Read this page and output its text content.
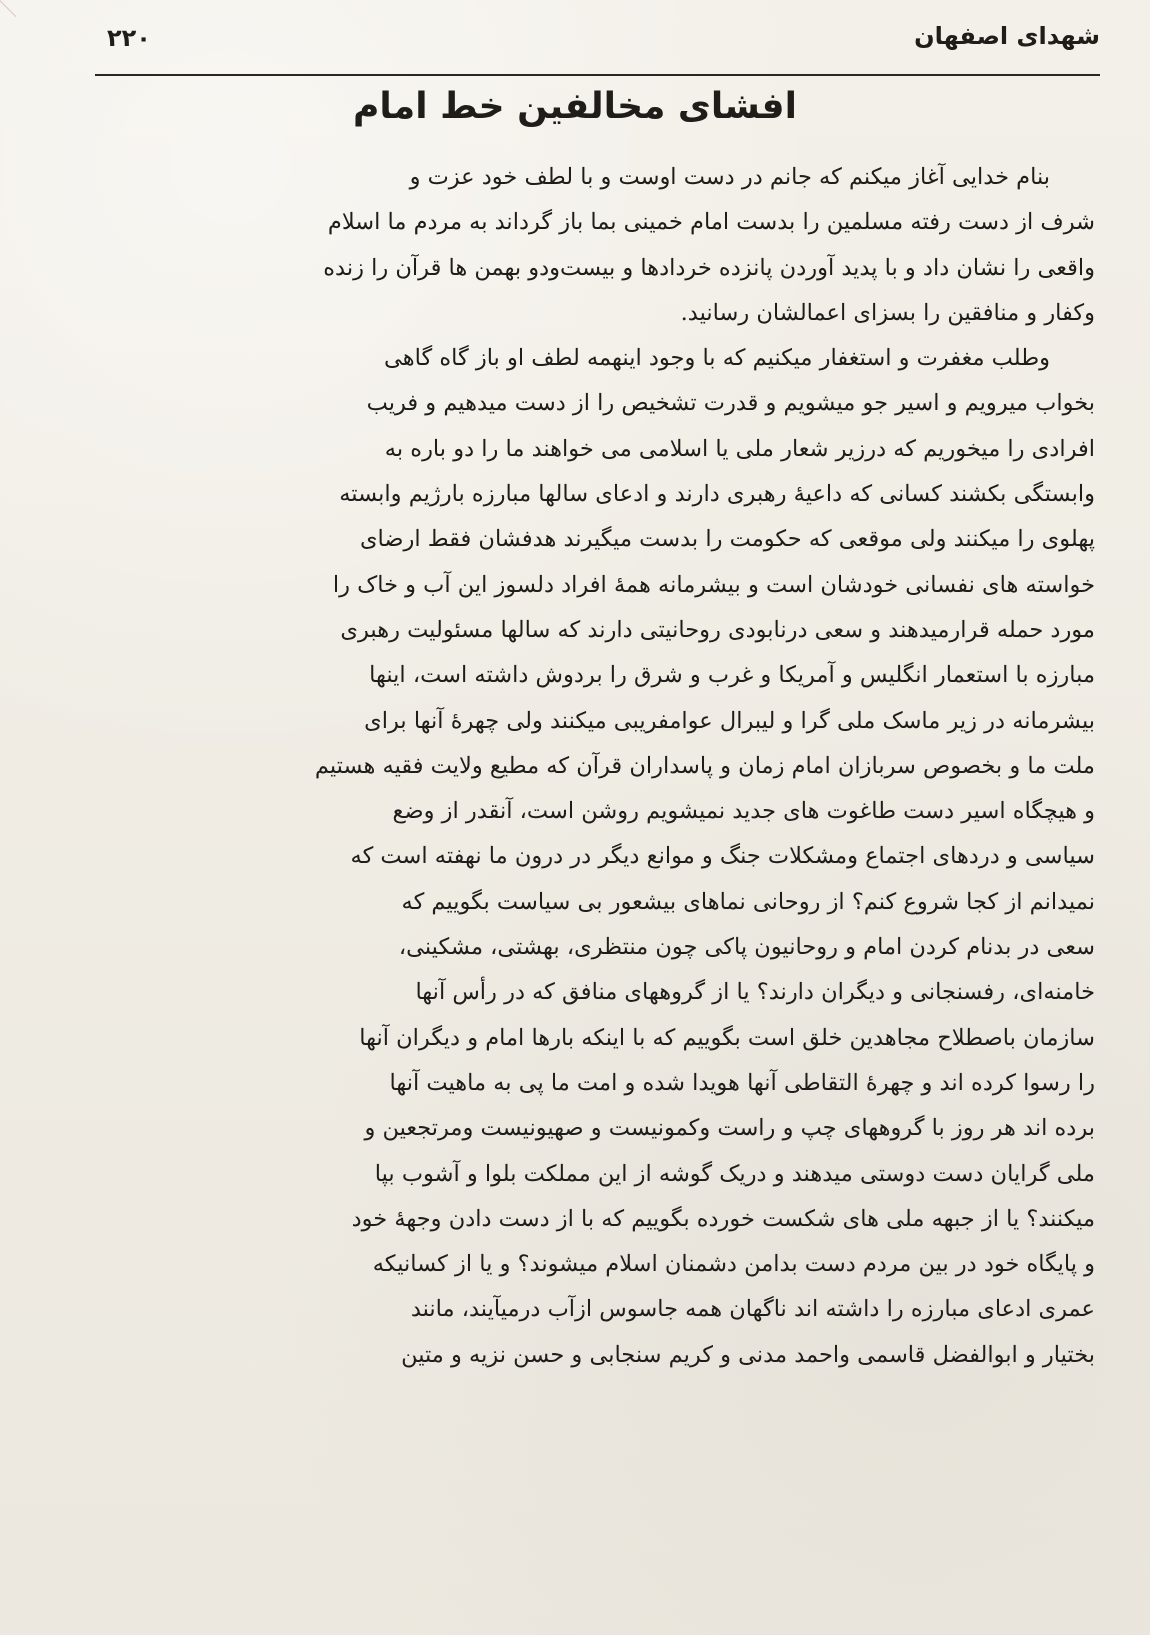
شهدای اصفهان
۲۲۰
افشای مخالفین خط امام
بنام خدایی آغاز میکنم که جانم در دست اوست و با لطف خود عزت و
شرف از دست رفته مسلمین را بدست امام خمینی بما باز گرداند به مردم ما اسلام
واقعی را نشان داد و با پدید آوردن پانزده خردادها و بیست‌ودو بهمن ها قرآن را زنده
وکفار و منافقین را بسزای اعمالشان رسانید.
وطلب مغفرت و استغفار میکنیم که با وجود اینهمه لطف او باز گاه گاهی
بخواب میرویم و اسیر جو میشویم و قدرت تشخیص را از دست میدهیم و فریب
افرادی را میخوریم که درزیر شعار ملی یا اسلامی می خواهند ما را دو باره به
وابستگی بکشند کسانی که داعیۀ رهبری دارند و ادعای سالها مبارزه بارژیم وابسته
پهلوی را میکنند ولی موقعی که حکومت را بدست میگیرند هدفشان فقط ارضای
خواسته های نفسانی خودشان است و بیشرمانه همۀ افراد دلسوز این آب و خاک را
مورد حمله قرارمیدهند و سعی درنابودی روحانیتی دارند که سالها مسئولیت رهبری
مبارزه با استعمار انگلیس و آمریکا و غرب و شرق را بردوش داشته است، اینها
بیشرمانه در زیر ماسک ملی گرا و لیبرال عوامفریبی میکنند ولی چهرۀ آنها برای
ملت ما و بخصوص سربازان امام زمان و پاسداران قرآن که مطیع ولایت فقیه هستیم
و هیچگاه اسیر دست طاغوت های جدید نمیشویم روشن است، آنقدر از وضع
سیاسی و دردهای اجتماع ومشکلات جنگ و موانع دیگر در درون ما نهفته است که
نمیدانم از کجا شروع کنم؟ از روحانی نماهای بیشعور بی سیاست بگوییم که
سعی در بدنام کردن امام و روحانیون پاکی چون منتظری، بهشتی، مشکینی،
خامنه‌ای، رفسنجانی و دیگران دارند؟ یا از گروههای منافق که در رأس آنها
سازمان باصطلاح مجاهدین خلق است بگوییم که با اینکه بارها امام و دیگران آنها
را رسوا کرده اند و چهرۀ التقاطی آنها هویدا شده و امت ما پی به ماهیت آنها
برده اند هر روز با گروههای چپ و راست وکمونیست و صهیونیست ومرتجعین و
ملی گرایان دست دوستی میدهند و دریک گوشه از این مملکت بلوا و آشوب بپا
میکنند؟ یا از جبهه ملی های شکست خورده بگوییم که با از دست دادن وجهۀ خود
و پایگاه خود در بین مردم دست بدامن دشمنان اسلام میشوند؟ و یا از کسانیکه
عمری ادعای مبارزه را داشته اند ناگهان همه جاسوس ازآب درمیآیند، مانند
بختیار و ابوالفضل قاسمی واحمد مدنی و کریم سنجابی و حسن نزیه و متین
